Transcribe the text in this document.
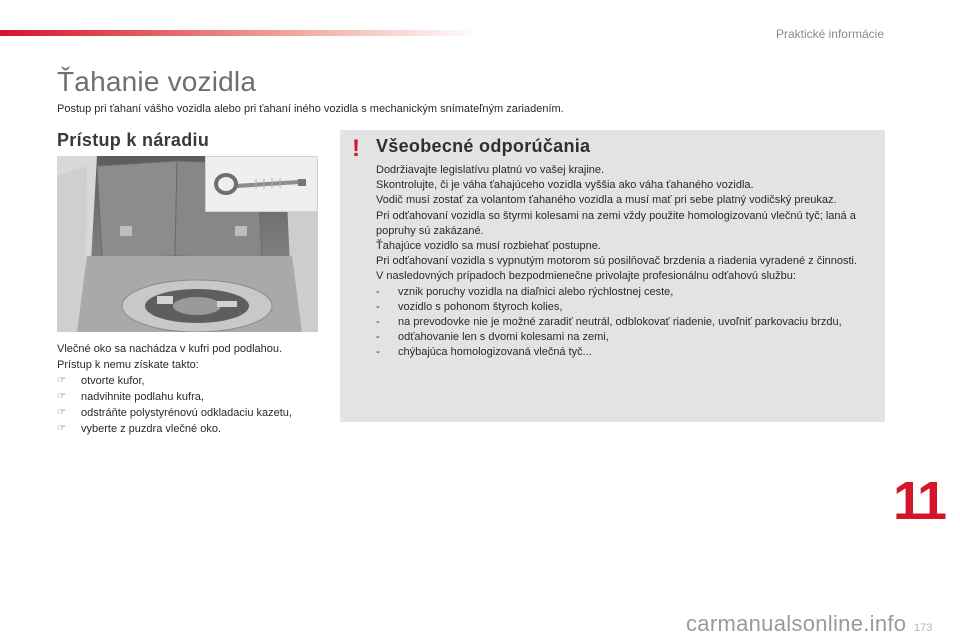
Praktické informácie
Ťahanie vozidla
Postup pri ťahaní vášho vozidla alebo pri ťahaní iného vozidla s mechanickým snímateľným zariadením.
Prístup k náradiu

Vlečné oko sa nachádza v kufri pod podlahou.

Prístup k nemu získate takto:

☞ otvorte kufor,
☞ nadvihnite podlahu kufra,
☞ odstráňte polystyrénovú odkladaciu kazetu,
☞ vyberte z puzdra vlečné oko.
! Všeobecné odporúčania

Dodržiavajte legislatívu platnú vo vašej krajine.

Skontrolujte, či je váha ťahajúceho vozidla vyššia ako váha ťahaného vozidla.

Vodič musí zostať za volantom ťahaného vozidla a musí mať pri sebe platný vodičský preukaz.

Pri odťahovaní vozidla so štyrmi kolesami na zemi vždy použite homologizovanú vlečnú tyč; laná a popruhy sú zakázané.

Ťahajúce vozidlo sa musí rozbiehať postupne.

Pri odťahovaní vozidla s vypnutým motorom sú posilňovač brzdenia a riadenia vyradené z činnosti.

V nasledovných prípadoch bezpodmienečne privolajte profesionálnu odťahovú službu:

- vznik poruchy vozidla na diaľnici alebo rýchlostnej ceste,
- vozidlo s pohonom štyroch kolies,
- na prevodovke nie je možné zaradiť neutrál, odblokovať riadenie, uvoľniť parkovaciu brzdu,
- odťahovanie len s dvomi kolesami na zemi,
- chýbajúca homologizovaná vlečná tyč...
11
carmanualsonline.info 173
